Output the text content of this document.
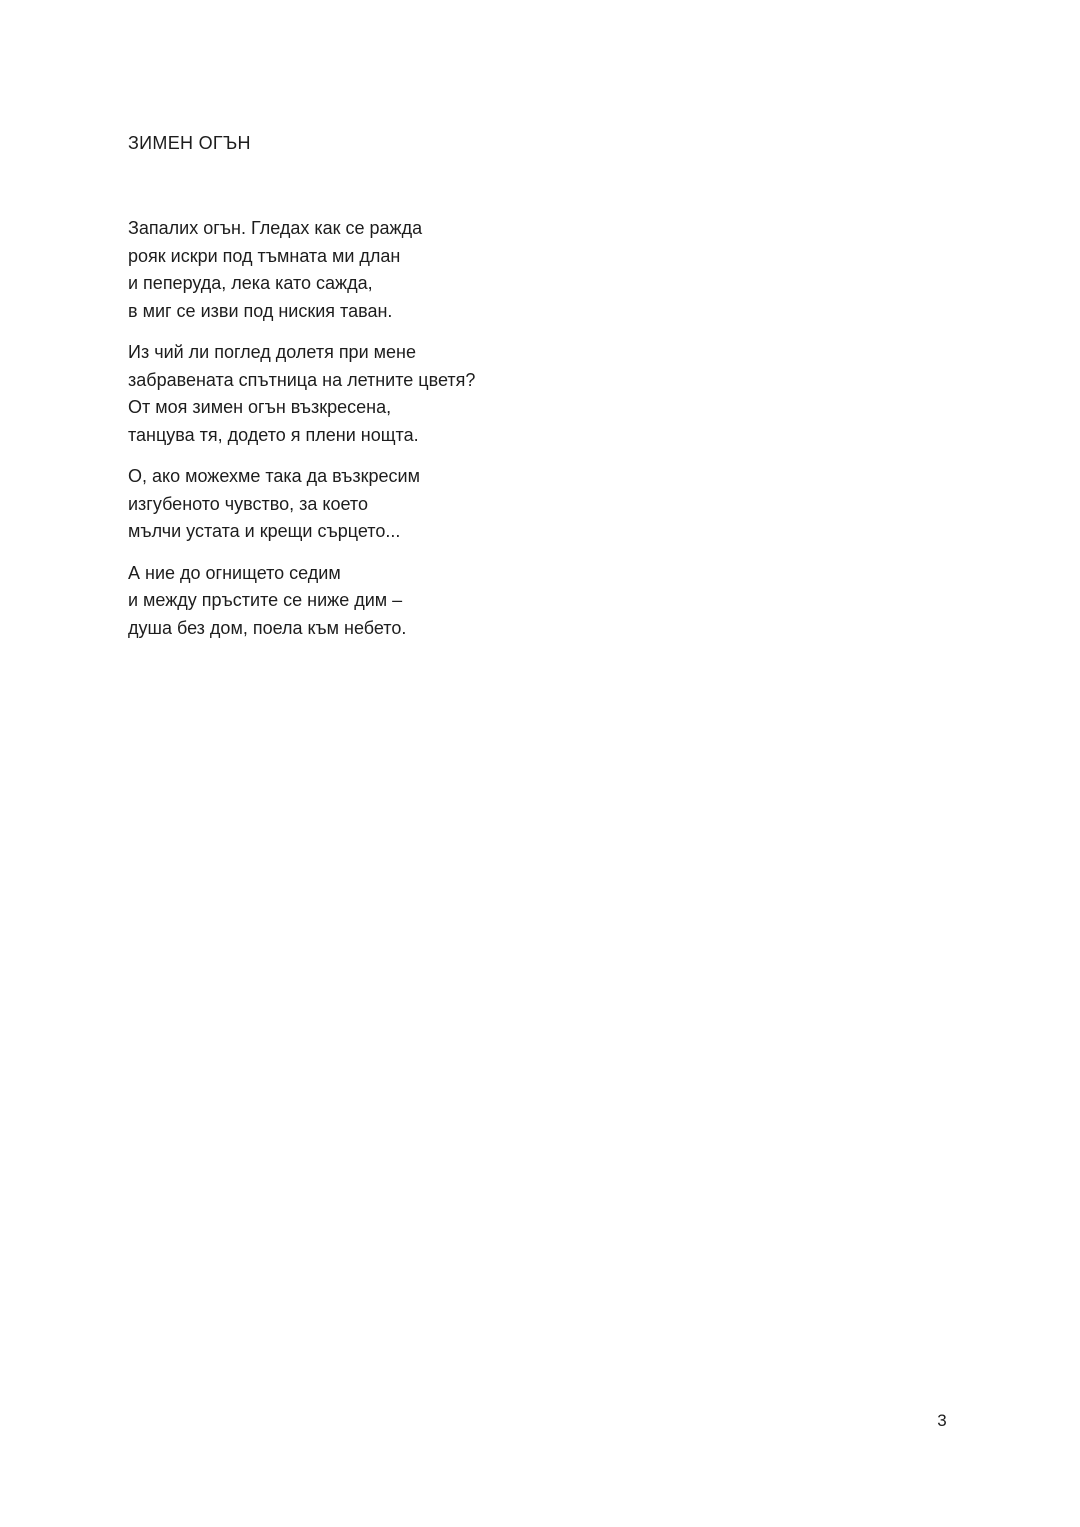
ЗИМЕН ОГЪН

Запалих огън. Гледах как се ражда
рояк искри под тъмната ми длан
и пеперуда, лека като сажда,
в миг се изви под ниския таван.

Из чий ли поглед долетя при мене
забравената спътница на летните цветя?
От моя зимен огън възкресена,
танцува тя, додето я плени нощта.

О, ако можехме така да възкресим
изгубеното чувство, за което
мълчи устата и крещи сърцето...

А ние до огнището седим
и между пръстите се ниже дим –
душа без дом, поела към небето.

3
